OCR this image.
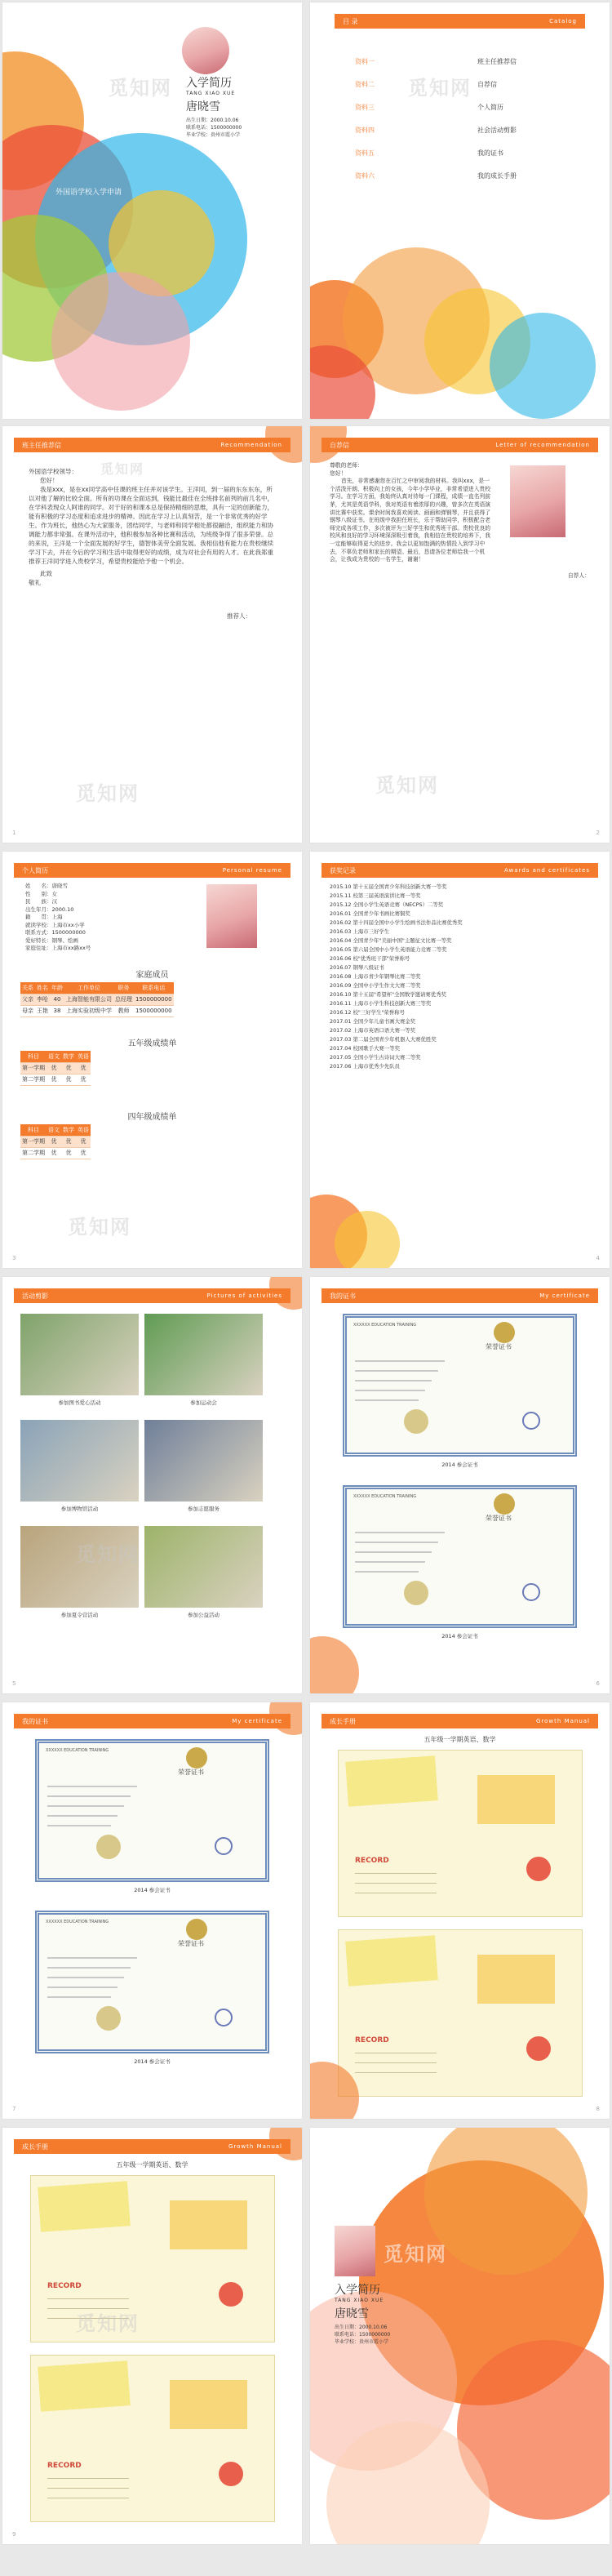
觅知网 入学简历
TANG XIAO XUE
唐晓雪
出生日期：2000.10.06
联系电话：1500000000
毕业学校：贵州市霞小学
外国语学校入学申请
目 录	Catalog
觅知网
资料一	班主任推荐信
资料二	自荐信
资料三	个人简历
资料四	社会活动剪影
资料五	我的证书
资料六	我的成长手册
班主任推荐信	Recommendation
觅知网
外国语学校领导：
您好！

我是xxx，是在xx同学高中任课的班主任并对该学生。王洋同，到一届的东东东东，所以对他了解的比较全面。所有的功课在全面达到，钱能比最佳在全班排名前列的前几名中，在学科表现众人阿谁的同学。对于好的和课本总是保持精细的思维，具有一定的创新能力，能有积极的学习态度和追求进步的精神。因此在学习上认真刻苦，是一个非常优秀的好学生。作为班长，他热心为大家服务，团结同学，与老师和同学相处都很融洽，组织能力和协调能力都非常强。在课外活动中，他积极参加各种比赛和活动，为班级争得了很多荣誉。总的来说，王洋是一个全面发展的好学生，德智体美劳全面发展。我相信他有能力在贵校继续学习下去，并在今后的学习和生活中取得更好的成绩，成为对社会有用的人才。在此我郑重推荐王洋同学进入贵校学习，希望贵校能给予他一个机会。

此致
敬礼
推荐人：
觅知网
1
自荐信	Letter of recommendation
尊敬的老师：
您好！

首先，非常感谢您在百忙之中审阅我的材料。我叫xxx，是一个活泼开朗、积极向上的女孩，今年小学毕业，非常希望进入贵校学习。在学习方面，我始终认真对待每一门课程，成绩一直名列前茅，尤其是英语学科，我对英语有着浓厚的兴趣，曾多次在英语演讲比赛中获奖。课余时间我喜欢阅读、画画和弹钢琴，并且获得了钢琴八级证书。在班级中我担任班长，乐于帮助同学，积极配合老师完成各项工作，多次被评为三好学生和优秀班干部。贵校优良的校风和良好的学习环境深深吸引着我，我相信在贵校的培养下，我一定能够取得更大的进步。我会以更加饱满的热情投入到学习中去，不辜负老师和家长的期望。最后，恳请各位老师给我一个机会，让我成为贵校的一名学生，谢谢！

自荐人：
觅知网
2
个人简历	Personal resume
姓　　名：唐晓雪
性　　别：女
民　　族：汉
出生年月：2000.10
籍　　贯：上海
就读学校：上海市xx小学
联系方式：1500000000
爱好特长：钢琴、绘画
家庭住址：上海市xx路xx号
家庭成员
关系	姓名	年龄	工作单位	职务	联系电话
父亲	李哈	40	上海智能有限公司	总经理	1500000000
母亲	王艳	38	上海实验初级中学	教师	1500000000
五年级成绩单
科目	语文	数学	英语
第一学期	优	优	优
第二学期	优	优	优
四年级成绩单
科目	语文	数学	英语
第一学期	优	优	优
第二学期	优	优	优
觅知网
3
获奖记录	Awards and certificates
2015.10 第十五届全国青少年科技创新大赛一等奖
2015.11 校第三届英语演讲比赛一等奖
2015.12 全国小学生英语竞赛（NECPS）二等奖
2016.01 全国青少年书画比赛铜奖
2016.02 第十四届全国中小学生绘画书法作品比赛优秀奖
2016.03 上海市三好学生
2016.04 全国青少年"美丽中国"主题征文比赛一等奖
2016.05 第六届全国中小学生英语能力竞赛二等奖
2016.06 校"优秀班干部"荣誉称号
2016.07 钢琴八级证书
2016.08 上海市青少年钢琴比赛二等奖
2016.09 全国中小学生作文大赛二等奖
2016.10 第十五届"希望杯"全国数学邀请赛优秀奖
2016.11 上海市小学生科技创新大赛三等奖
2016.12 校"三好学生"荣誉称号
2017.01 全国少年儿童书画大赛金奖
2017.02 上海市英语口语大赛一等奖
2017.03 第二届全国青少年机器人大赛优胜奖
2017.04 校园歌手大赛一等奖
2017.05 全国小学生古诗词大赛二等奖
2017.06 上海市优秀少先队员
4
活动剪影	Pictures of activities
参加图书爱心活动	参加运动会
参加博物馆活动	参加志愿服务
参加夏令营活动	参加公益活动
觅知网
5
我的证书	My certificate
XXXXXX EDUCATION TRAINING
荣誉证书
2014 参会证书
XXXXXX EDUCATION TRAINING
荣誉证书
2014 参会证书
6
我的证书	My certificate
XXXXXX EDUCATION TRAINING
荣誉证书
2014 参会证书
XXXXXX EDUCATION TRAINING
荣誉证书
2014 参会证书
7
成长手册	Growth Manual
五年级一学期英语、数学
RECORD
RECORD
8
成长手册	Growth Manual
五年级一学期英语、数学
RECORD
RECORD
觅知网
9
觅知网
入学简历
TANG XIAO XUE
唐晓雪
出生日期：2000.10.06
联系电话：1500000000
毕业学校：贵州市霞小学
